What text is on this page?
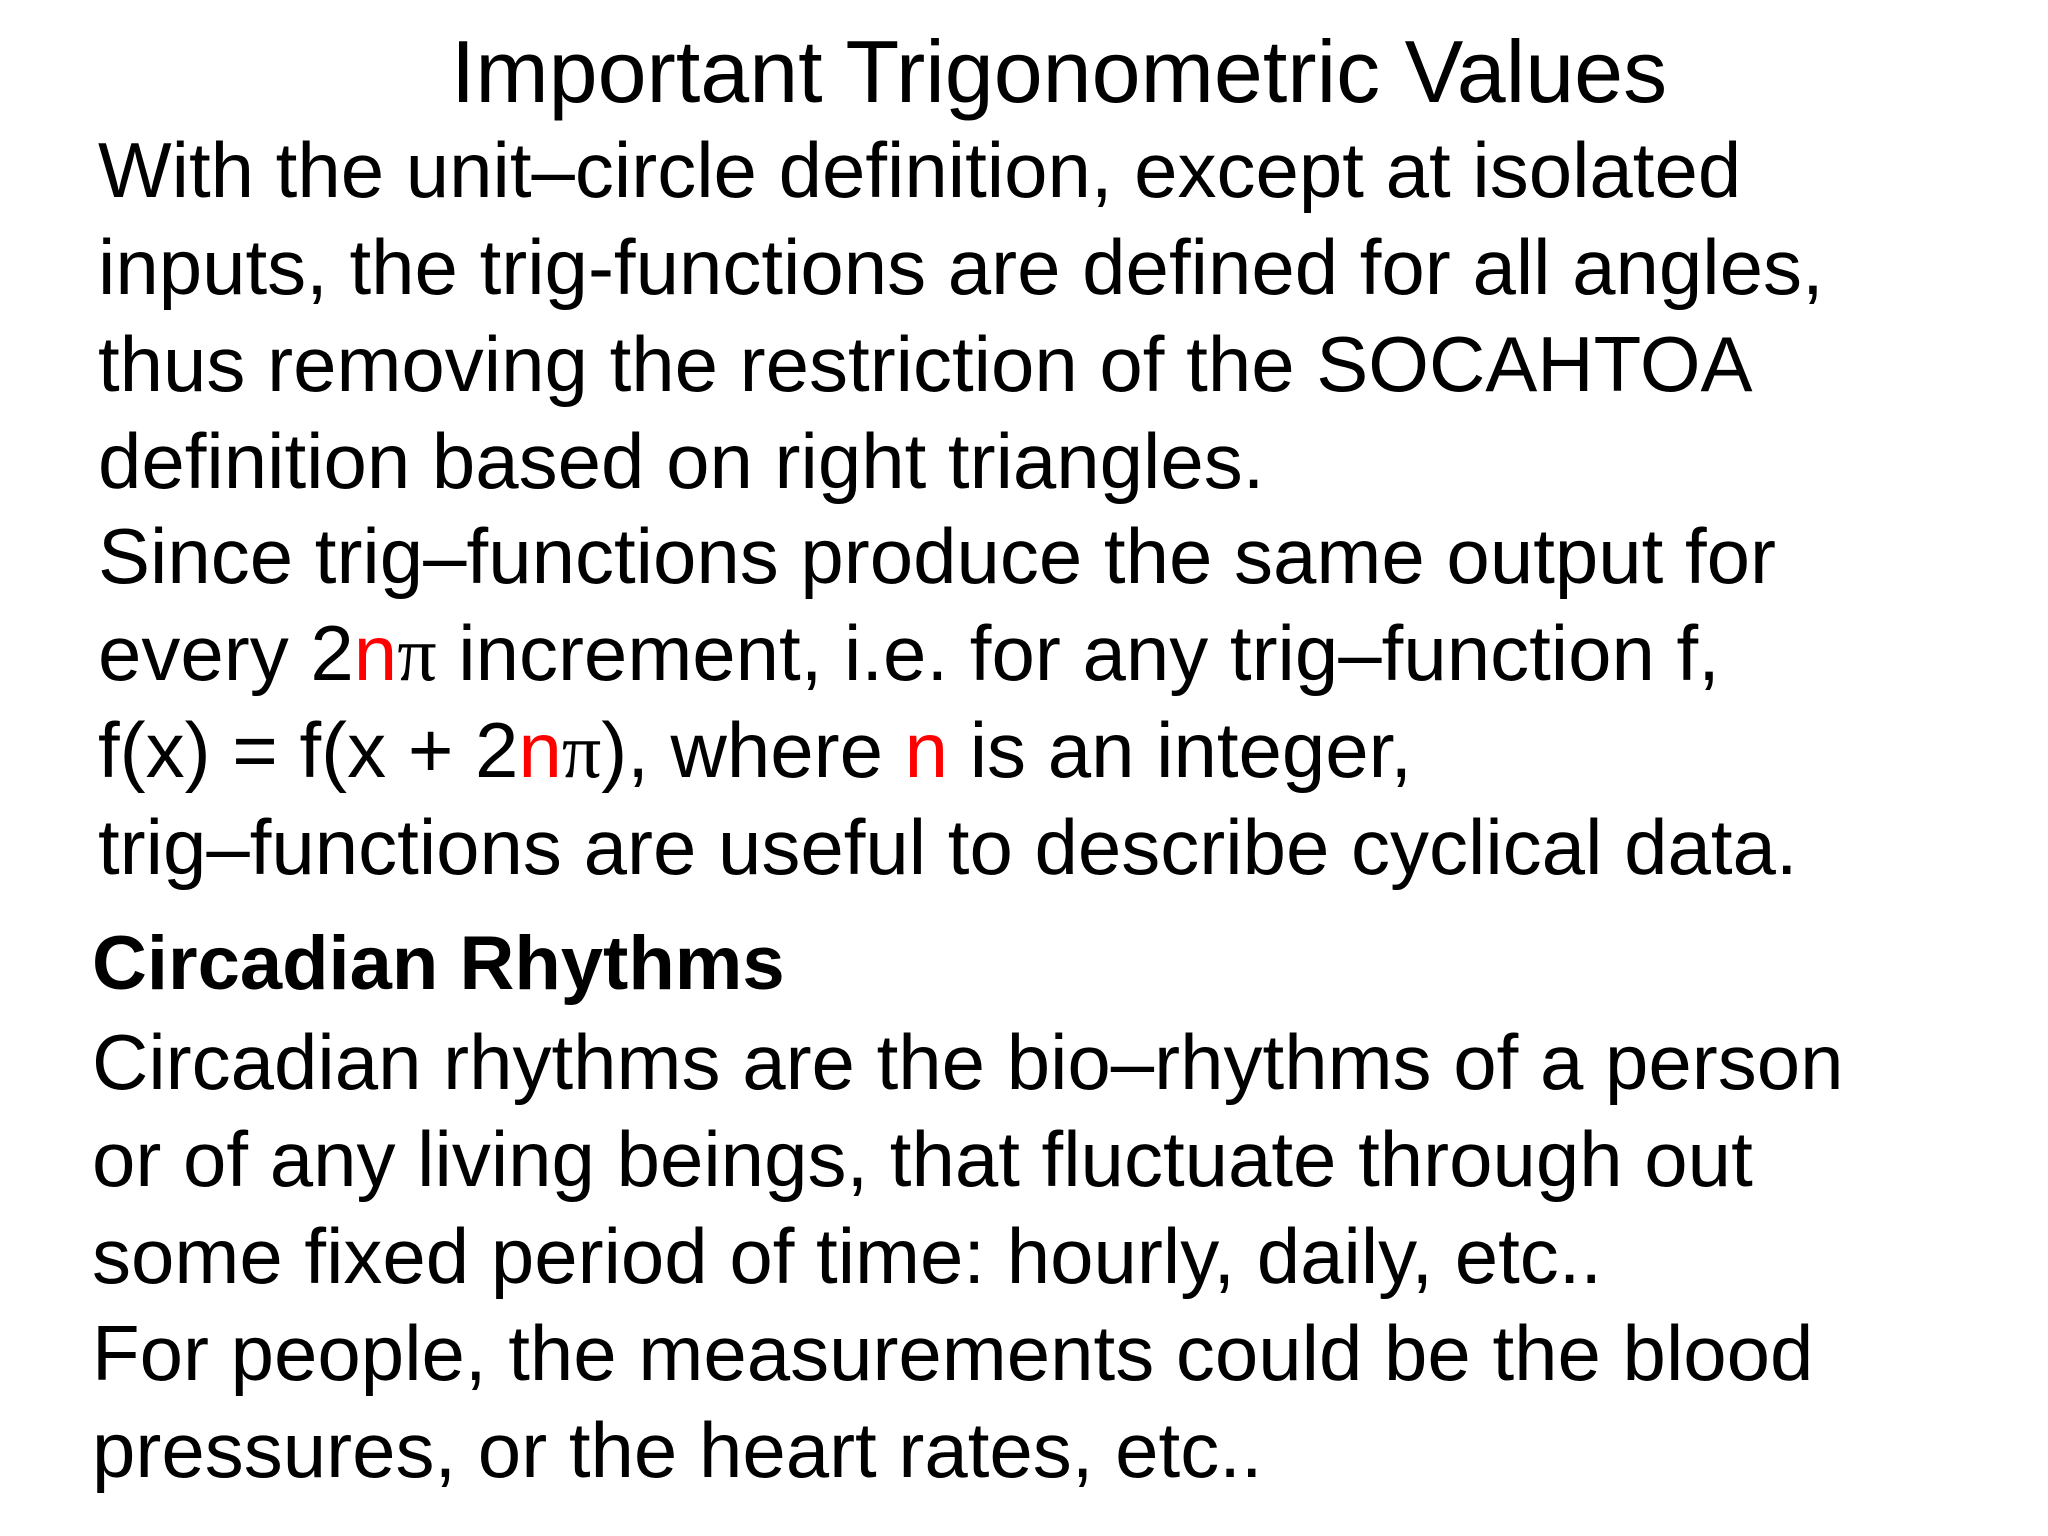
Important Trigonometric Values
With the unit–circle definition, except at isolated
inputs, the trig-functions are defined for all angles,
thus removing the restriction of the SOCAHTOA
definition based on right triangles.
Since trig–functions produce the same output for
every 2nπ increment, i.e. for any trig–function f,
f(x) = f(x + 2nπ), where n is an integer,
trig–functions are useful to describe cyclical data.
Circadian Rhythms
Circadian rhythms are the bio–rhythms of a person
or of any living beings, that fluctuate through out
some fixed period of time: hourly, daily, etc..
For people, the measurements could be the blood
pressures, or the heart rates, etc..
